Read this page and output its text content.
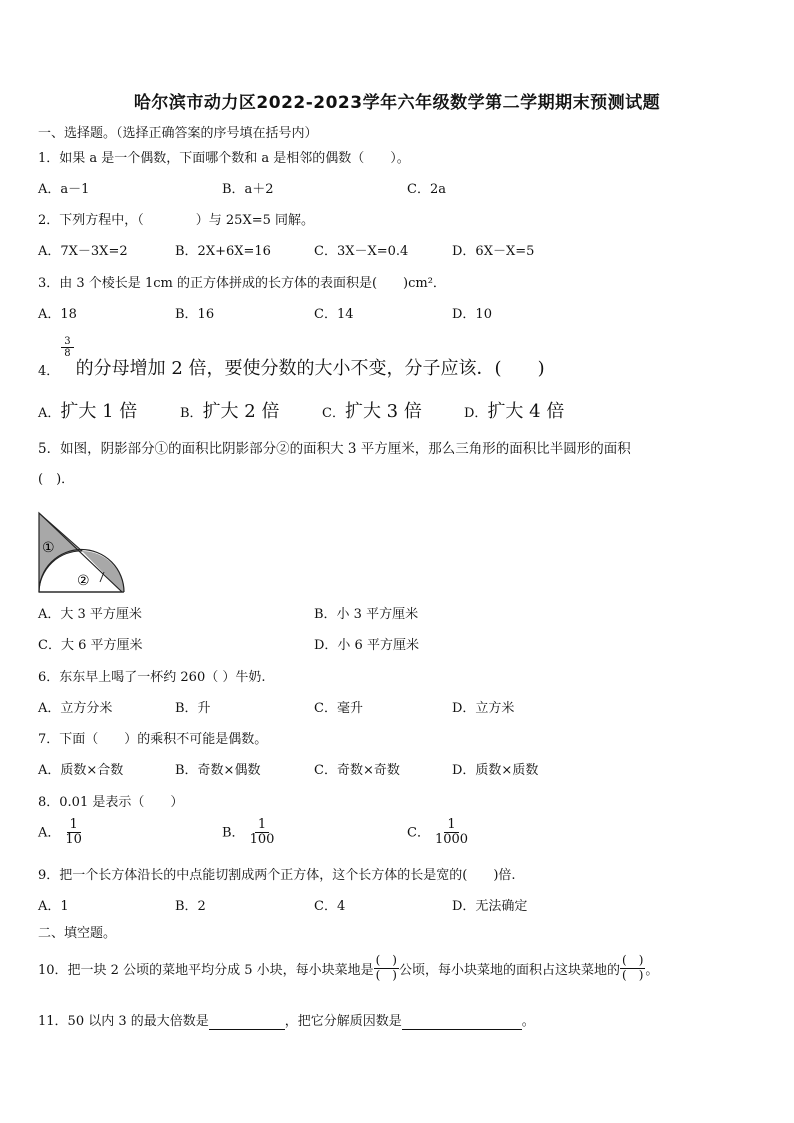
哈尔滨市动力区2022-2023学年六年级数学第二学期期末预测试题
一、选择题。（选择正确答案的序号填在括号内）
1．如果 a 是一个偶数，下面哪个数和 a 是相邻的偶数（　　）。
A．a－1	B．a＋2	C．2a
2．下列方程中，（　　　　）与 25X=5 同解。
A．7X－3X=2	B．2X+6X=16	C．3X－X=0.4	D．6X－X=5
3．由 3 个棱长是 1cm 的正方体拼成的长方体的表面积是(　　)cm²．
A．18	B．16	C．14	D．10
4．
$\frac{3}{8}$
的分母增加 2 倍，要使分数的大小不变，分子应该．(　　)
A．扩大 1 倍	B．扩大 2 倍	C．扩大 3 倍	D．扩大 4 倍
5．如图，阴影部分①的面积比阴影部分②的面积大 3 平方厘米，那么三角形的面积比半圆形的面积
(　)．
①
②
A．大 3 平方厘米	B．小 3 平方厘米
C．大 6 平方厘米	D．小 6 平方厘米
6．东东早上喝了一杯约 260（ ）牛奶.
A．立方分米	B．升	C．毫升	D．立方米
7．下面（　　）的乘积不可能是偶数。
A．质数×合数	B．奇数×偶数	C．奇数×奇数	D．质数×质数
8．0.01 是表示（　　）
A． $\frac{1}{10}$	B． $\frac{1}{100}$	C． $\frac{1}{1000}$
9．把一个长方体沿长的中点能切割成两个正方体，这个长方体的长是宽的(　　)倍.
A．1	B．2	C．4	D．无法确定
二、填空题。
10．把一块 2 公顷的菜地平均分成 5 小块，每小块菜地是 $\frac{( )}{( )}$ 公顷，每小块菜地的面积占这块菜地的 $\frac{( )}{( )}$ 。
11．50 以内 3 的最大倍数是	，把它分解质因数是	。
